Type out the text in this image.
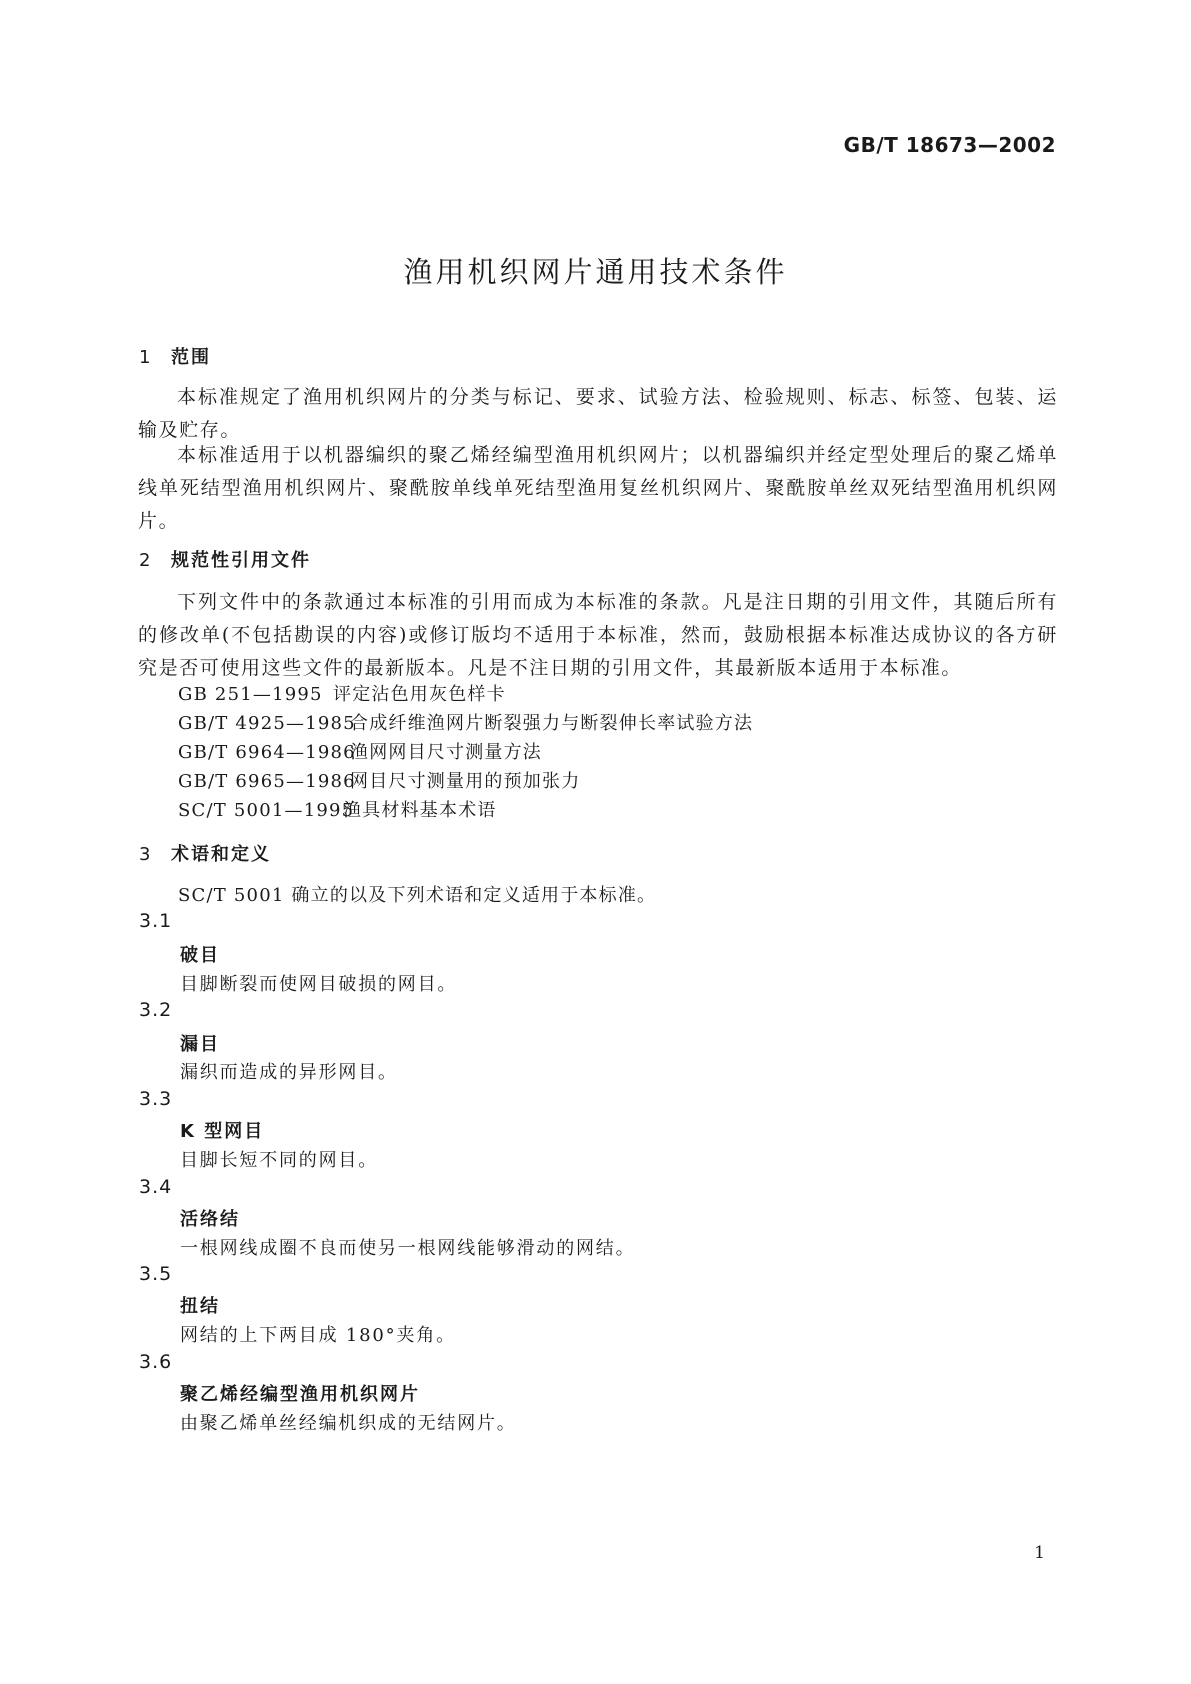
GB/T 18673—2002
渔用机织网片通用技术条件
1 范围
本标准规定了渔用机织网片的分类与标记、要求、试验方法、检验规则、标志、标签、包装、运输及贮存。
本标准适用于以机器编织的聚乙烯经编型渔用机织网片；以机器编织并经定型处理后的聚乙烯单线单死结型渔用机织网片、聚酰胺单线单死结型渔用复丝机织网片、聚酰胺单丝双死结型渔用机织网片。
2 规范性引用文件
下列文件中的条款通过本标准的引用而成为本标准的条款。凡是注日期的引用文件，其随后所有的修改单(不包括勘误的内容)或修订版均不适用于本标准，然而，鼓励根据本标准达成协议的各方研究是否可使用这些文件的最新版本。凡是不注日期的引用文件，其最新版本适用于本标准。
GB 251—1995 评定沾色用灰色样卡
GB/T 4925—1985合成纤维渔网片断裂强力与断裂伸长率试验方法
GB/T 6964—1986渔网网目尺寸测量方法
GB/T 6965—1986网目尺寸测量用的预加张力
SC/T 5001—1995渔具材料基本术语
3 术语和定义
SC/T 5001 确立的以及下列术语和定义适用于本标准。
3.1
破目
目脚断裂而使网目破损的网目。
3.2
漏目
漏织而造成的异形网目。
3.3
K 型网目
目脚长短不同的网目。
3.4
活络结
一根网线成圈不良而使另一根网线能够滑动的网结。
3.5
扭结
网结的上下两目成 180°夹角。
3.6
聚乙烯经编型渔用机织网片
由聚乙烯单丝经编机织成的无结网片。
1
